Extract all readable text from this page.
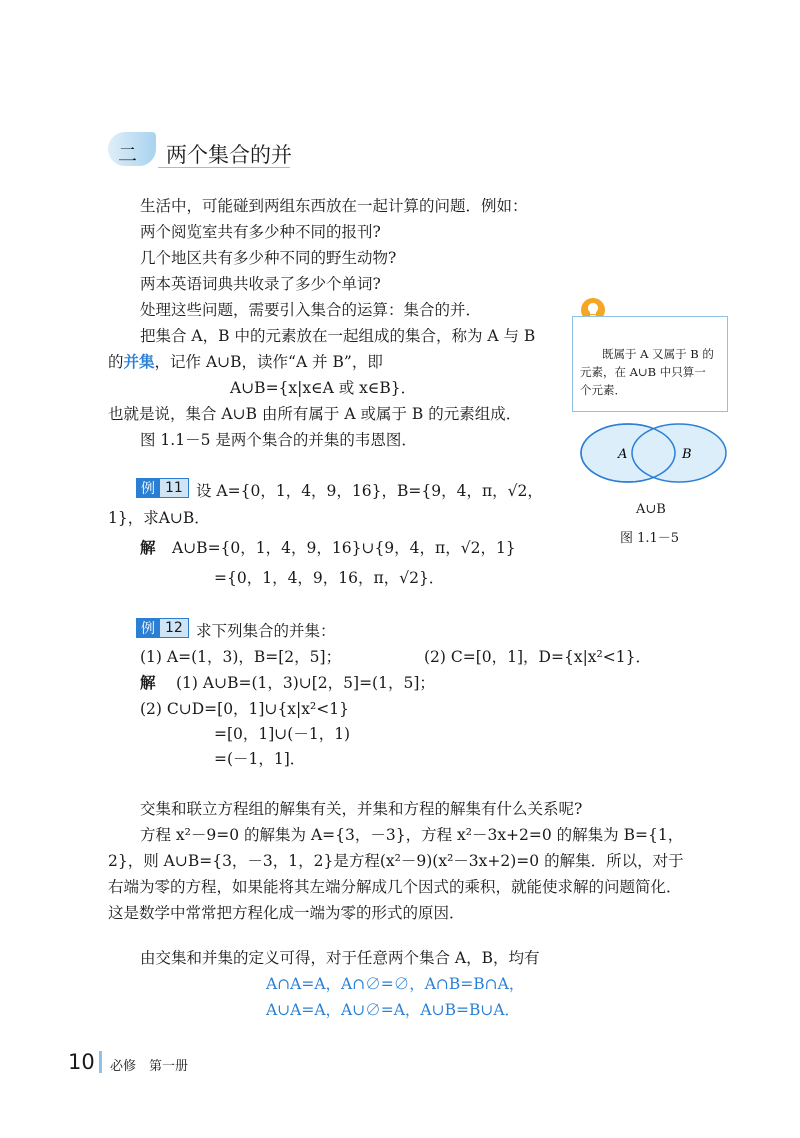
二 两个集合的并
生活中，可能碰到两组东西放在一起计算的问题．例如：
两个阅览室共有多少种不同的报刊?
几个地区共有多少种不同的野生动物?
两本英语词典共收录了多少个单词?
处理这些问题，需要引入集合的运算：集合的并．
把集合 A，B 中的元素放在一起组成的集合，称为 A 与 B
的并集，记作 A∪B，读作“A 并 B”，即
A∪B={x|x∈A 或 x∈B}．
也就是说，集合 A∪B 由所有属于 A 或属于 B 的元素组成．
图 1.1－5 是两个集合的并集的韦恩图．
既属于 A 又属于 B 的
元素，在 A∪B 中只算一
个元素．
A	B
A∪B
图 1.1－5
例 11 设 A={0，1，4，9，16}，B={9，4，π，√2，
1}，求A∪B．
解 A∪B={0，1，4，9，16}∪{9，4，π，√2，1}
={0，1，4，9，16，π，√2}．
例 12 求下列集合的并集：
(1) A=(1，3)，B=[2，5]；	(2) C=[0，1]，D={x|x²<1}．
解 (1) A∪B=(1，3)∪[2，5]=(1，5]；
(2) C∪D=[0，1]∪{x|x²<1}
=[0，1]∪(－1，1)
=(－1，1]．
交集和联立方程组的解集有关，并集和方程的解集有什么关系呢?
方程 x²－9=0 的解集为 A={3，－3}，方程 x²－3x+2=0 的解集为 B={1，
2}，则 A∪B={3，－3，1，2}是方程(x²－9)(x²－3x+2)=0 的解集．所以，对于
右端为零的方程，如果能将其左端分解成几个因式的乘积，就能使求解的问题简化．
这是数学中常常把方程化成一端为零的形式的原因．
由交集和并集的定义可得，对于任意两个集合 A，B，均有
A∩A=A，A∩∅=∅，A∩B=B∩A，
A∪A=A，A∪∅=A，A∪B=B∪A．
10 必修　第一册
